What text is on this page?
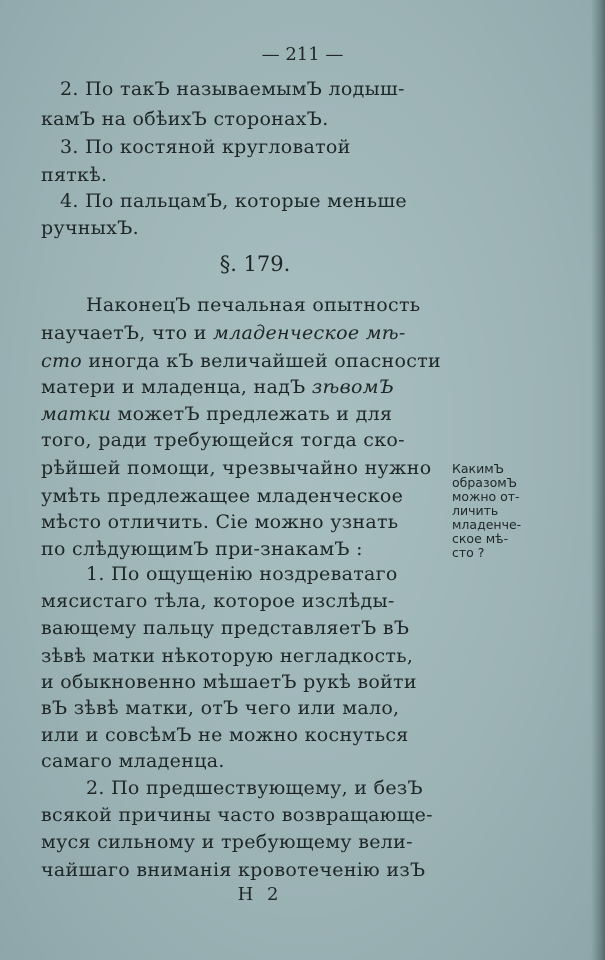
— 211 —
2. По такЪ называемымЪ лодыш-
камЪ на обѣихЪ сторонахЪ.
3. По костяной кругловатой
пяткѣ.
4. По пальцамЪ, которые меньше
ручныхЪ.
§. 179.
НаконецЪ печальная опытность
научаетЪ, что и младенческое мѣ-
сто иногда кЪ величайшей опасности
матери и младенца, надЪ зѣвомЪ
матки можетЪ предлежать и для
того, ради требующейся тогда ско-
рѣйшей помощи, чрезвычайно нужно
умѣть предлежащее младенческое
мѣсто отличить. Сіе можно узнать
по слѣдующимЪ при-знакамЪ :
КакимЪ
образомЪ
можно от-
личить
младенче-
ское мѣ-
сто ?
1. По ощущенію ноздреватаго
мясистаго тѣла, которое изслѣды-
вающему пальцу представляетЪ вЪ
зѣвѣ матки нѣкоторую негладкость,
и обыкновенно мѣшаетЪ рукѣ войти
вЪ зѣвѣ матки, отЪ чего или мало,
или и совсѣмЪ не можно коснуться
самаго младенца.
2. По предшествующему, и безЪ
всякой причины часто возвращающе-
муся сильному и требующему вели-
чайшаго вниманія кровотеченію изЪ
Н 2
